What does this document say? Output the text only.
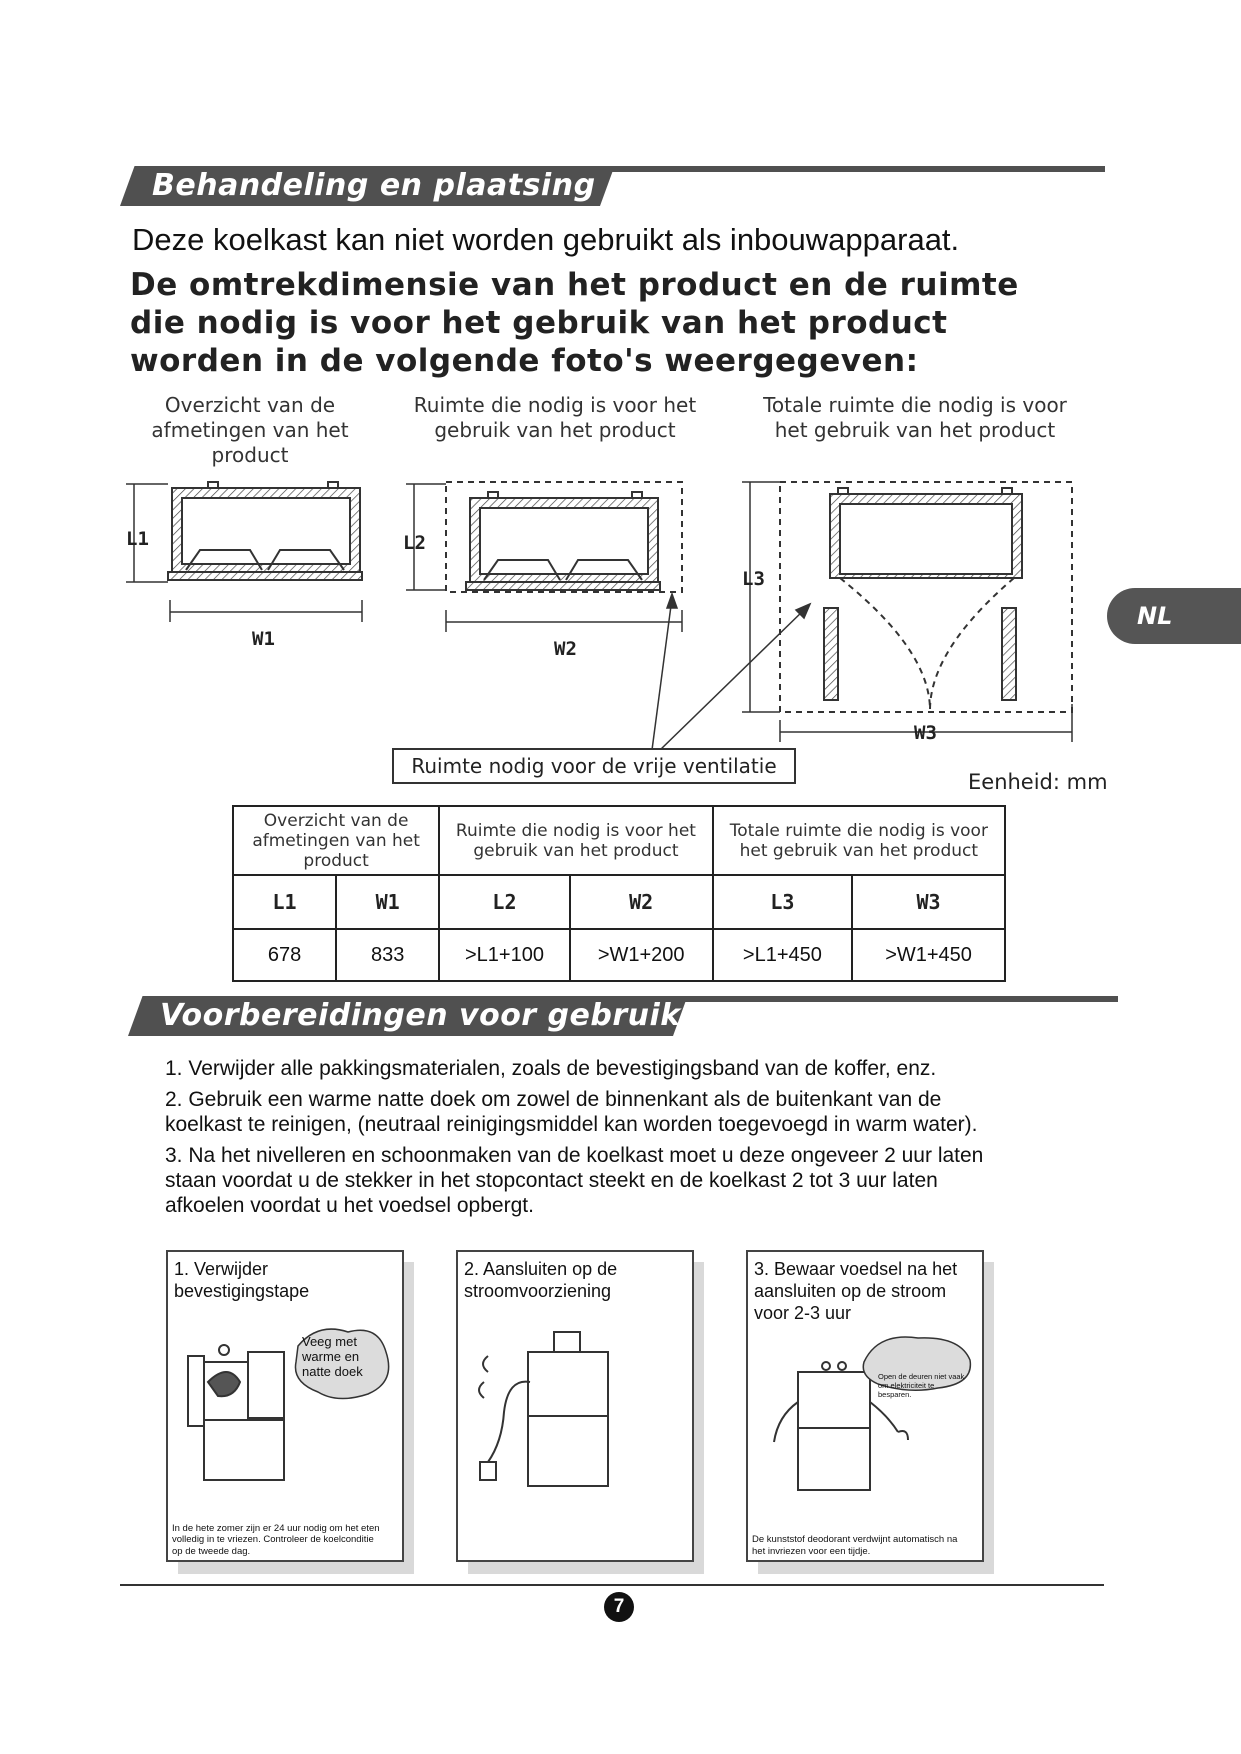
Behandeling en plaatsing
Deze koelkast kan niet worden gebruikt als inbouwapparaat.
De omtrekdimensie van het product en de ruimte die nodig is voor het gebruik van het product worden in de volgende foto's weergegeven:
Overzicht van de afmetingen van het product
Ruimte die nodig is voor het gebruik van het product
Totale ruimte die nodig is voor het gebruik van het product
L1
W1
L2
W2
L3
W3
Ruimte nodig voor de vrije ventilatie
Eenheid: mm
NL
Overzicht van de afmetingen van het product		Ruimte die nodig is voor het gebruik van het product		Totale ruimte die nodig is voor het gebruik van het product	
L1	W1	L2	W2	L3	W3
678	833	>L1+100	>W1+200	>L1+450	>W1+450
Voorbereidingen voor gebruik

1. Verwijder alle pakkingsmaterialen, zoals de bevestigingsband van de koffer, enz.

2. Gebruik een warme natte doek om zowel de binnenkant als de buitenkant van de koelkast te reinigen, (neutraal reinigingsmiddel kan worden toegevoegd in warm water).

3. Na het nivelleren en schoonmaken van de koelkast moet u deze ongeveer 2 uur laten staan voordat u de stekker in het stopcontact steekt en de koelkast 2 tot 3 uur laten afkoelen voordat u het voedsel opbergt.

1. Verwijder bevestigingstape
Veeg met warme en natte doek
In de hete zomer zijn er 24 uur nodig om het eten volledig in te vriezen. Controleer de koelconditie op de tweede dag.
2. Aansluiten op de stroomvoorziening
3. Bewaar voedsel na het aansluiten op de stroom voor 2-3 uur
Open de deuren niet vaak om elektriciteit te besparen.
De kunststof deodorant verdwijnt automatisch na het invriezen voor een tijdje.
7
